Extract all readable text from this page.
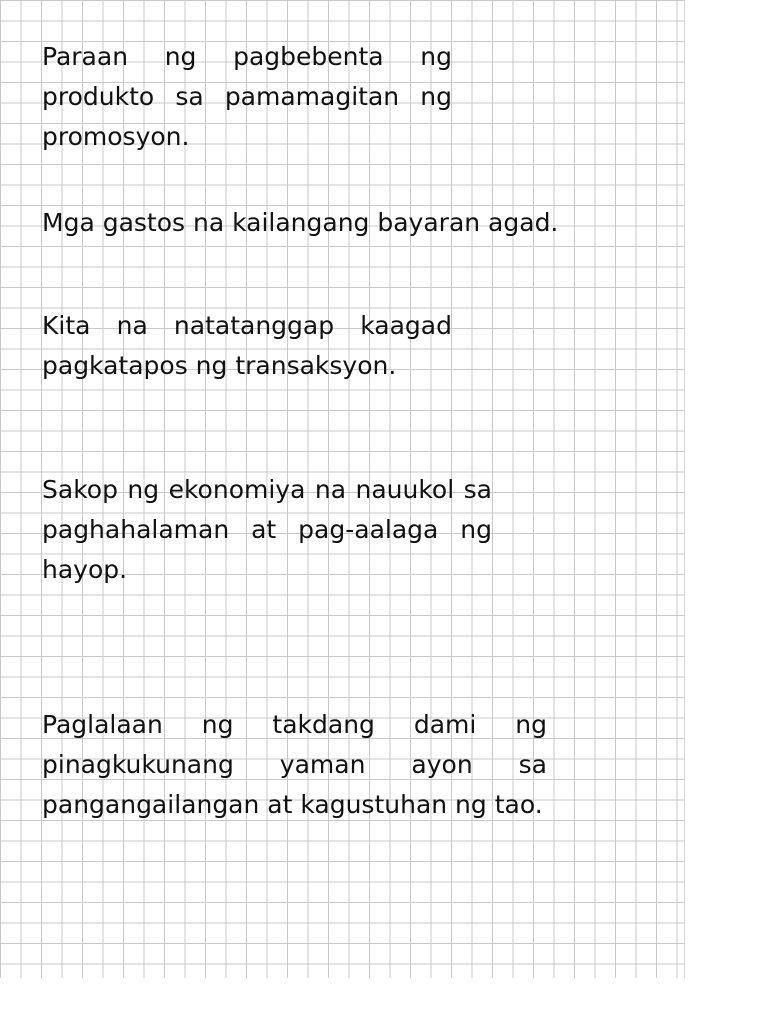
Paraan ng pagbebenta ng produkto sa pamamagitan ng promosyon.
Mga gastos na kailangang bayaran agad.
Kita na natatanggap kaagad pagkatapos ng transaksyon.
Sakop ng ekonomiya na nauukol sa paghahalaman at pag-aalaga ng hayop.
Paglalaan ng takdang dami ng pinagkukunang yaman ayon sa pangangailangan at kagustuhan ng tao.
